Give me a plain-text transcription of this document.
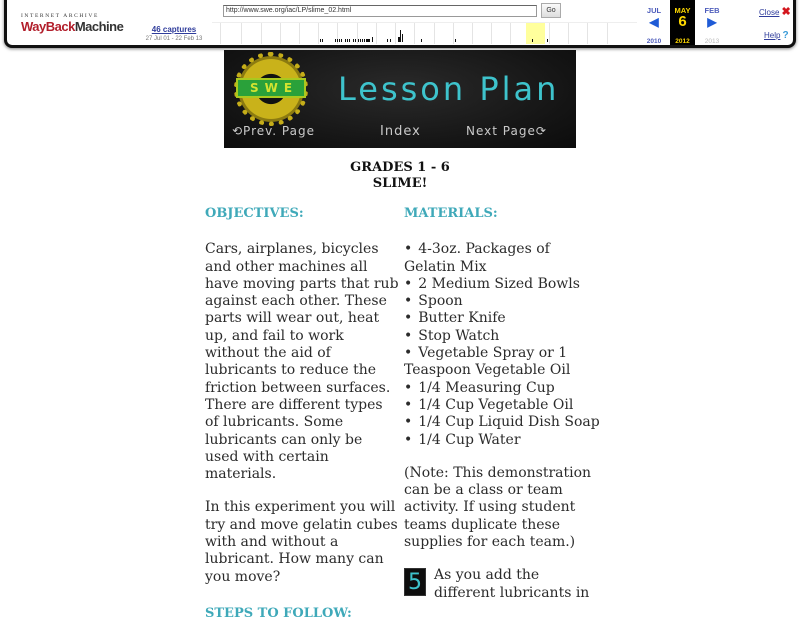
INTERNET ARCHIVE
WayBackMachine	46 captures
27 Jul 01 - 22 Feb 13
http://www.swe.org/iac/LP/slime_02.html	Go	JUL
◀
2010
MAY
6
2012
FEB
▶
2013
Close ✖
Help ?
SWE Lesson Plan
⟲Prev. Page	Index	Next Page⟳
GRADES 1 - 6
SLIME!
OBJECTIVES:

Cars, airplanes, bicycles and other machines all have moving parts that rub against each other. These parts will wear out, heat up, and fail to work without the aid of lubricants to reduce the friction between surfaces. There are different types of lubricants. Some lubricants can only be used with certain materials.

In this experiment you will try and move gelatin cubes with and without a lubricant. How many can you move?

STEPS TO FOLLOW:
MATERIALS:
• 4-3oz. Packages of Gelatin Mix
• 2 Medium Sized Bowls
• Spoon
• Butter Knife
• Stop Watch
• Vegetable Spray or 1 Teaspoon Vegetable Oil
• 1/4 Measuring Cup
• 1/4 Cup Vegetable Oil
• 1/4 Cup Liquid Dish Soap
• 1/4 Cup Water

(Note: This demonstration can be a class or team activity. If using student teams duplicate these supplies for each team.)

5 As you add the different lubricants in
